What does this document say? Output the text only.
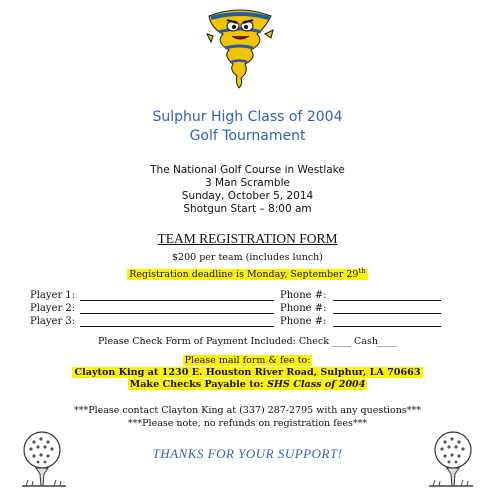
Sulphur High Class of 2004
Golf Tournament
The National Golf Course in Westlake
3 Man Scramble
Sunday, October 5, 2014
Shotgun Start – 8:00 am
TEAM REGISTRATION FORM
$200 per team (includes lunch)
Registration deadline is Monday, September 29th
Player 1:	Phone #:
Player 2:	Phone #:
Player 3:	Phone #:
Please Check Form of Payment Included: Check ____ Cash____
Please mail form & fee to:
Clayton King at 1230 E. Houston River Road, Sulphur, LA 70663
Make Checks Payable to: SHS Class of 2004
***Please contact Clayton King at (337) 287-2795 with any questions***
***Please note, no refunds on registration fees***
THANKS FOR YOUR SUPPORT!
